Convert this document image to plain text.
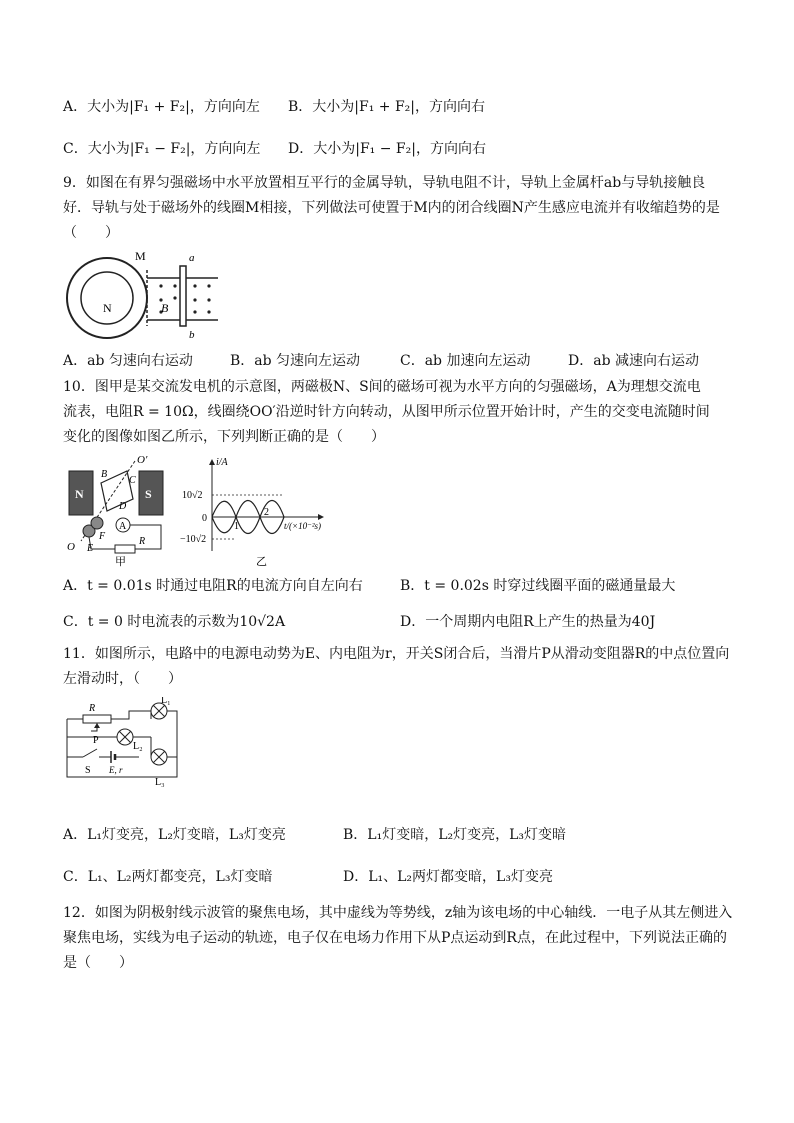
A．大小为|F₁ + F₂|，方向向左 B．大小为|F₁ + F₂|，方向向右
C．大小为|F₁ − F₂|，方向向左 D．大小为|F₁ − F₂|，方向向右
9．如图在有界匀强磁场中水平放置相互平行的金属导轨，导轨电阻不计，导轨上金属杆ab与导轨接触良
好．导轨与处于磁场外的线圈M相接，下列做法可使置于M内的闭合线圈N产生感应电流并有收缩趋势的是
（　　）
M
N	B
a
b
A．ab 匀速向右运动	B．ab 匀速向左运动	C．ab 加速向左运动	D．ab 减速向右运动
10．图甲是某交流发电机的示意图，两磁极N、S间的磁场可视为水平方向的匀强磁场，A为理想交流电
流表，电阻R = 10Ω，线圈绕OO′沿逆时针方向转动，从图甲所示位置开始计时，产生的交变电流随时间
变化的图像如图乙所示，下列判断正确的是（　　）
N	S
A
O′
O
B
C
D
E
F	R
甲
i/A
10√2
0
−10√2
1
2
t/(×10⁻²s)
乙
A．t = 0.01s 时通过电阻R的电流方向自左向右	B．t = 0.02s 时穿过线圈平面的磁通量最大
C．t = 0 时电流表的示数为10√2A	D．一个周期内电阻R上产生的热量为40J
11．如图所示，电路中的电源电动势为E、内电阻为r，开关S闭合后，当滑片P从滑动变阻器R的中点位置向
左滑动时，（　　）
R
P
S E, r
L₁
L₂
L₃
A．L₁灯变亮，L₂灯变暗，L₃灯变亮	B．L₁灯变暗，L₂灯变亮，L₃灯变暗
C．L₁、L₂两灯都变亮，L₃灯变暗	D．L₁、L₂两灯都变暗，L₃灯变亮
12．如图为阴极射线示波管的聚焦电场，其中虚线为等势线，z轴为该电场的中心轴线．一电子从其左侧进入
聚焦电场，实线为电子运动的轨迹，电子仅在电场力作用下从P点运动到R点，在此过程中，下列说法正确的
是（　　）
